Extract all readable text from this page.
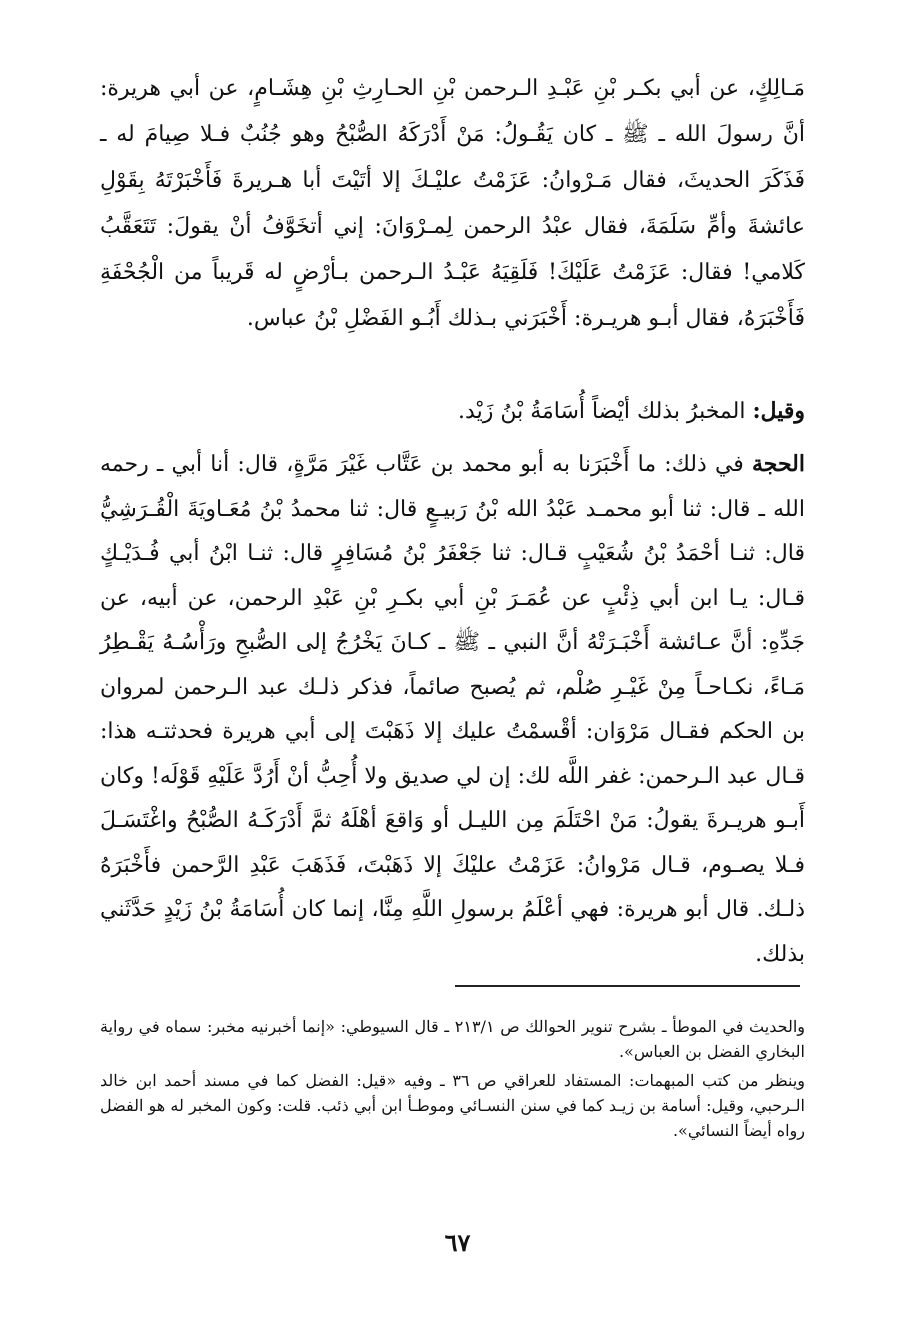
مَـالِكٍ، عن أبي بكـر بْنِ عَبْـدِ الـرحمن بْنِ الحـارِثِ بْنِ هِشَـامٍ، عن أبي هريرة: أنَّ رسولَ الله ـ ﷺ ـ كان يَقُـولُ: مَنْ أَدْرَكَهُ الصُّبْحُ وهو جُنُبٌ فـلا صِيامَ له ـ فَذَكَرَ الحديثَ، فقال مَـرْوانُ: عَزَمْتُ عليْـكَ إلا أتَيْتَ أبا هـريرةَ فَأَخْبَرْتَهُ بِقَوْلِ عائشةَ وأمِّ سَلَمَةَ، فقال عبْدُ الرحمن لِمـرْوَانَ: إني أتخَوَّفُ أنْ يقولَ: تَتَعَقَّبُ كَلامي! فقال: عَزَمْتُ عَلَيْكَ! فَلَقِيَهُ عَبْـدُ الـرحمن بـأرْضٍ له قَريباً من الْجُحْفَةِ فَأَخْبَرَهُ، فقال أبـو هريـرة: أَخْبَرَني بـذلك أَبُـو الفَضْلِ بْنُ عباس.

وقيل: المخبرُ بذلك أيْضاً أُسَامَةُ بْنُ زَيْد.

الحجة في ذلك: ما أَخْبَرَنا به أبو محمد بن عَتَّاب غَيْرَ مَرَّةٍ، قال: أنا أبي ـ رحمه الله ـ قال: ثنا أبو محمـد عَبْدُ الله بْنُ رَبيـعٍ قال: ثنا محمدُ بْنُ مُعَـاويَةَ الْقُـرَشِيُّ قال: ثنـا أحْمَدُ بْنُ شُعَيْبٍ قـال: ثنا جَعْفَرُ بْنُ مُسَافِرٍ قال: ثنـا ابْنُ أبي فُـدَيْـكٍ قـال: يـا ابن أبي ذِئْبٍ عن عُمَـرَ بْنِ أبي بكـرِ بْنِ عَبْدِ الرحمن، عن أبيه، عن جَدِّهِ: أنَّ عـائشة أَخْبَـرَتْهُ أنَّ النبي ـ ﷺ ـ كـانَ يَخْرُجُ إلى الصُّبحِ ورَأْسُـهُ يَقْـطِرُ مَـاءً، نكـاحـاً مِنْ غَيْـرِ صُلْم، ثم يُصبح صائماً، فذكر ذلـك عبد الـرحمن لمروان بن الحكم فقـال مَرْوَان: أقْسمْتُ عليك إلا ذَهَبْتَ إلى أبي هريرة فحدثتـه هذا: قـال عبد الـرحمن: غفر اللَّه لك: إن لي صديق ولا أُحِبُّ أنْ أَرُدَّ عَلَيْهِ قَوْلَه! وكان أَبـو هريـرةَ يقولُ: مَنْ احْتَلَمَ مِن الليـل أو وَاقعَ أهْلَهُ ثمَّ أَدْرَكَـهُ الصُّبْحُ واغْتَسَـلَ فـلا يصـوم، قـال مَرْوانُ: عَزَمْتُ عليْكَ إلا ذَهَبْتَ، فَذَهَبَ عَبْدِ الرَّحمن فأَخْبَرَهُ ذلـك. قال أبو هريرة: فهي أعْلَمُ برسولِ اللَّهِ مِنَّا، إنما كان أُسَامَةُ بْنُ زَيْدٍ حَدَّثَني بذلك.

والحديث في الموطأ ـ بشرح تنوير الحوالك ص ٢١٣/١ ـ قال السيوطي: «إنما أخبرنيه مخبر: سماه في رواية البخاري الفضل بن العباس».

وينظر من كتب المبهمات: المستفاد للعراقي ص ٣٦ ـ وفيه «قيل: الفضل كما في مسند أحمد ابن خالد الـرحبي، وقيل: أسامة بن زيـد كما في سنن النسـائي وموطـأ ابن أبي ذئب. قلت: وكون المخبر له هو الفضل رواه أيضاً النسائي».

٦٧
